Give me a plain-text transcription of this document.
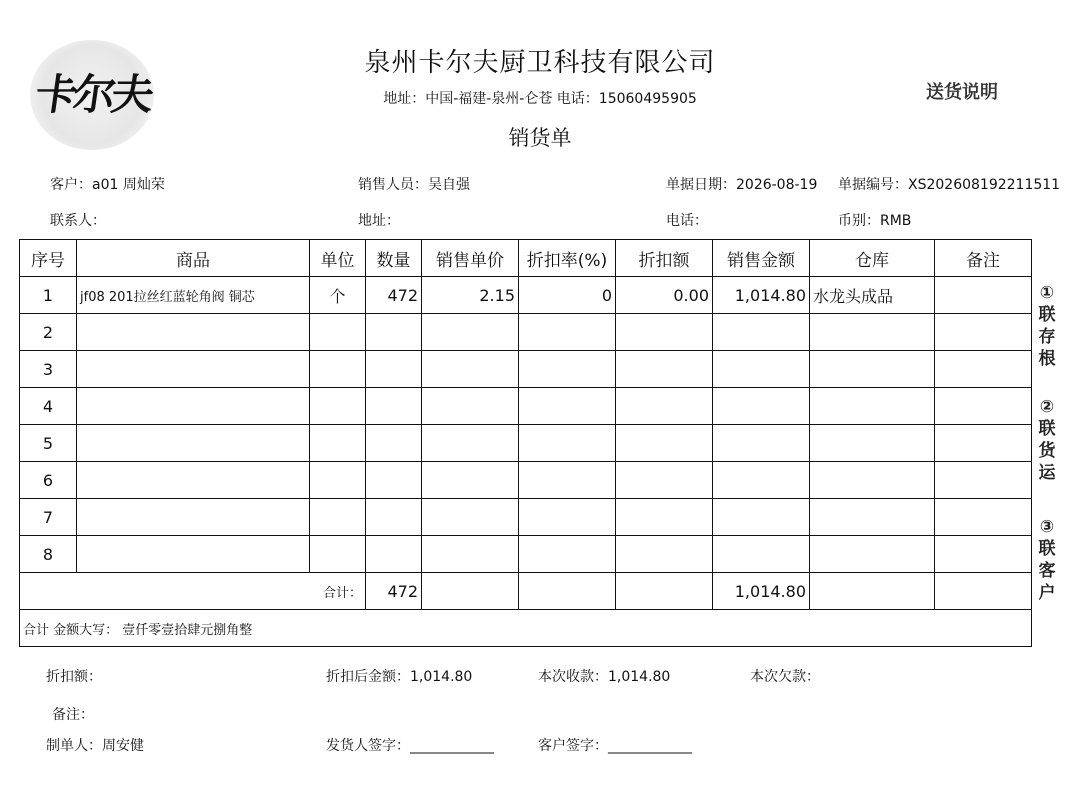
卡尔夫
泉州卡尔夫厨卫科技有限公司
地址：中国-福建-泉州-仑苍 电话：15060495905
销货单
送货说明
客户：a01 周灿荣	销售人员：吴自强	单据日期：2026-08-19 单据编号：XS202608192211511
联系人：	地址：	电话：	币别：RMB
序号	商品	单位	数量	销售单价	折扣率(%)	折扣额	销售金额	仓库	备注
1	jf08 201拉丝红蓝轮角阀 铜芯	个	472	2.15	0	0.00	1,014.80	水龙头成品	
2									
3									
4									
5									
6									
7									
8									
合计：			472				1,014.80		
合计 金额大写： 壹仟零壹拾肆元捌角整									
①联存根
②联货运
③联客户
折扣额：	折扣后金额：1,014.80	本次收款：1,014.80	本次欠款：
备注：
制单人：周安健	发货人签字：____________	客户签字：____________
